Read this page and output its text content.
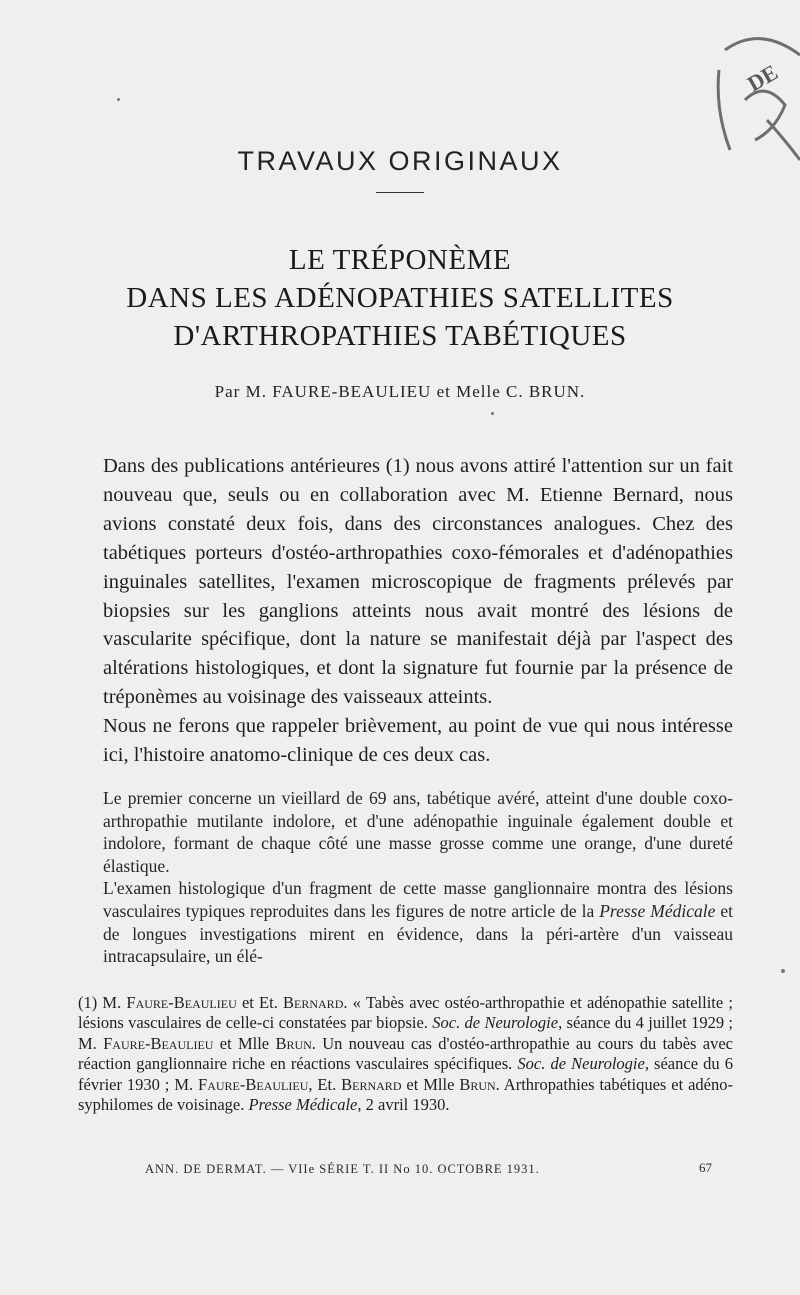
DE
TRAVAUX ORIGINAUX
LE TRÉPONÈME
DANS LES ADÉNOPATHIES SATELLITES
D'ARTHROPATHIES TABÉTIQUES
Par M. FAURE-BEAULIEU et Melle C. BRUN.

Dans des publications antérieures (1) nous avons attiré l'attention sur un fait nouveau que, seuls ou en collaboration avec M. Etienne Bernard, nous avions constaté deux fois, dans des circonstances analogues. Chez des tabétiques porteurs d'ostéo-arthropathies coxo-fémorales et d'adénopathies inguinales satellites, l'examen microscopique de fragments prélevés par biopsies sur les ganglions atteints nous avait montré des lésions de vascularite spécifique, dont la nature se manifestait déjà par l'aspect des altérations histologiques, et dont la signature fut fournie par la présence de tréponèmes au voisinage des vaisseaux atteints.

Nous ne ferons que rappeler brièvement, au point de vue qui nous intéresse ici, l'histoire anatomo-clinique de ces deux cas.

Le premier concerne un vieillard de 69 ans, tabétique avéré, atteint d'une double coxo-arthropathie mutilante indolore, et d'une adénopathie inguinale également double et indolore, formant de chaque côté une masse grosse comme une orange, d'une dureté élastique.

L'examen histologique d'un fragment de cette masse ganglionnaire montra des lésions vasculaires typiques reproduites dans les figures de notre article de la Presse Médicale et de longues investigations mirent en évidence, dans la péri-artère d'un vaisseau intracapsulaire, un élé-

(1) M. Faure-Beaulieu et Et. Bernard. « Tabès avec ostéo-arthropathie et adénopathie satellite ; lésions vasculaires de celle-ci constatées par biopsie. Soc. de Neurologie, séance du 4 juillet 1929 ; M. Faure-Beaulieu et Mlle Brun. Un nouveau cas d'ostéo-arthropathie au cours du tabès avec réaction ganglionnaire riche en réactions vasculaires spécifiques. Soc. de Neurologie, séance du 6 février 1930 ; M. Faure-Beaulieu, Et. Bernard et Mlle Brun. Arthropathies tabétiques et adéno-syphilomes de voisinage. Presse Médicale, 2 avril 1930.
ANN. DE DERMAT. — VIIe SÉRIE T. II No 10. OCTOBRE 1931.	67
